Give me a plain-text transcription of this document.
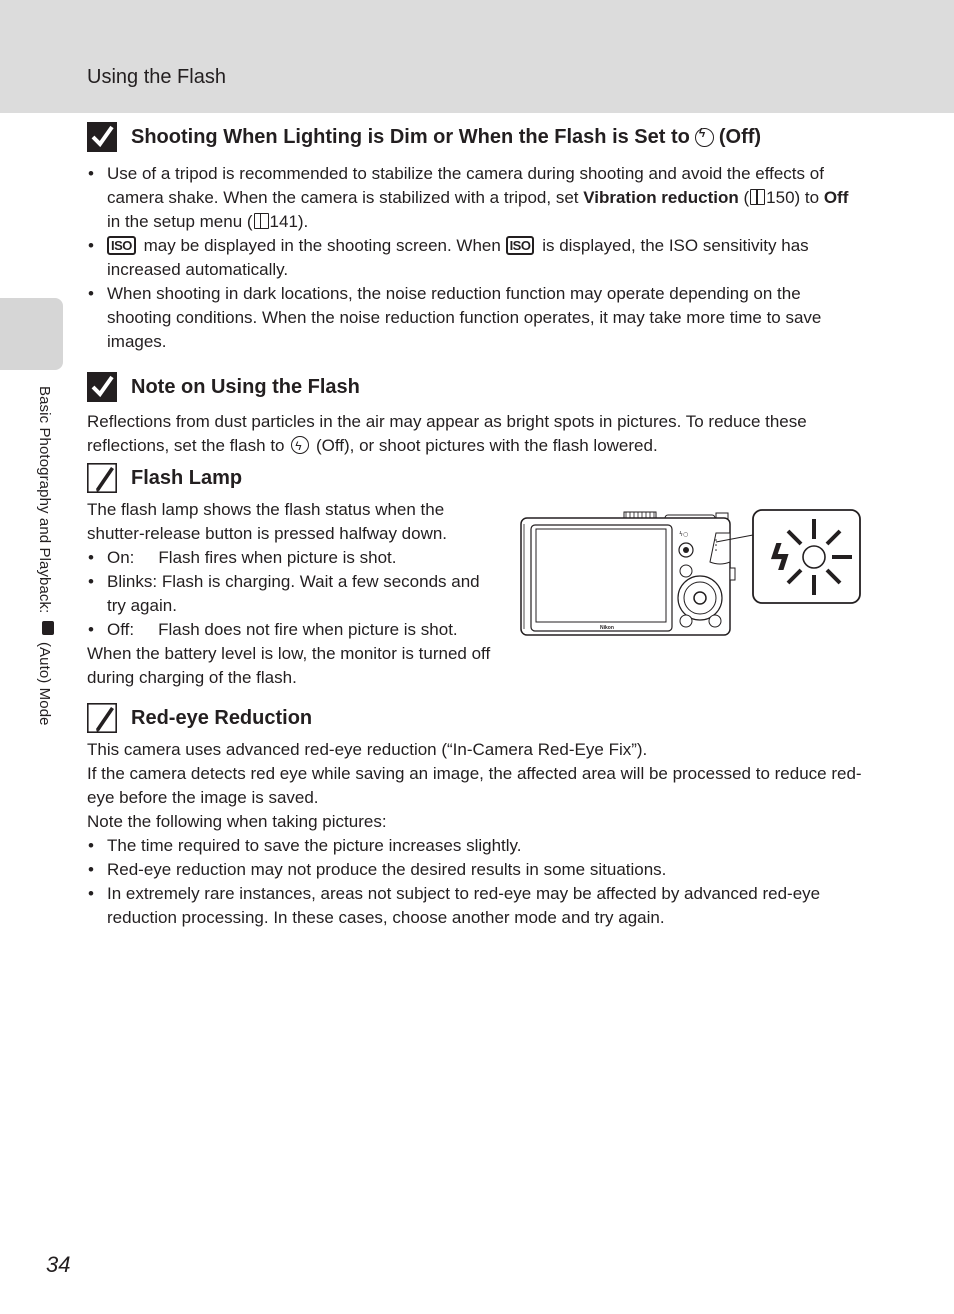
Using the Flash
Basic Photography and Playback:  (Auto) Mode
Shooting When Lighting is Dim or When the Flash is Set to
ϟ (Off)
• Use of a tripod is recommended to stabilize the camera during shooting and avoid the effects of camera shake. When the camera is stabilized with a tripod, set Vibration reduction ( 150) to Off in the setup menu ( 141).
• ISO may be displayed in the shooting screen. When ISO is displayed, the ISO sensitivity has increased automatically.
• When shooting in dark locations, the noise reduction function may operate depending on the shooting conditions. When the noise reduction function operates, it may take more time to save images.
Note on Using the Flash
Reflections from dust particles in the air may appear as bright spots in pictures. To reduce these reflections, set the flash to ϟ (Off), or shoot pictures with the flash lowered.
Flash Lamp
The flash lamp shows the flash status when the shutter-release button is pressed halfway down.
• On: Flash fires when picture is shot.
• Blinks: Flash is charging. Wait a few seconds and try again.
• Off: Flash does not fire when picture is shot.
When the battery level is low, the monitor is turned off during charging of the flash.
Red-eye Reduction
This camera uses advanced red-eye reduction (“In-Camera Red-Eye Fix”).
If the camera detects red eye while saving an image, the affected area will be processed to reduce red-eye before the image is saved.
Note the following when taking pictures:
• The time required to save the picture increases slightly.
• Red-eye reduction may not produce the desired results in some situations.
• In extremely rare instances, areas not subject to red-eye may be affected by advanced red-eye reduction processing. In these cases, choose another mode and try again.
Nikon
ϟ○
ϟ
34
